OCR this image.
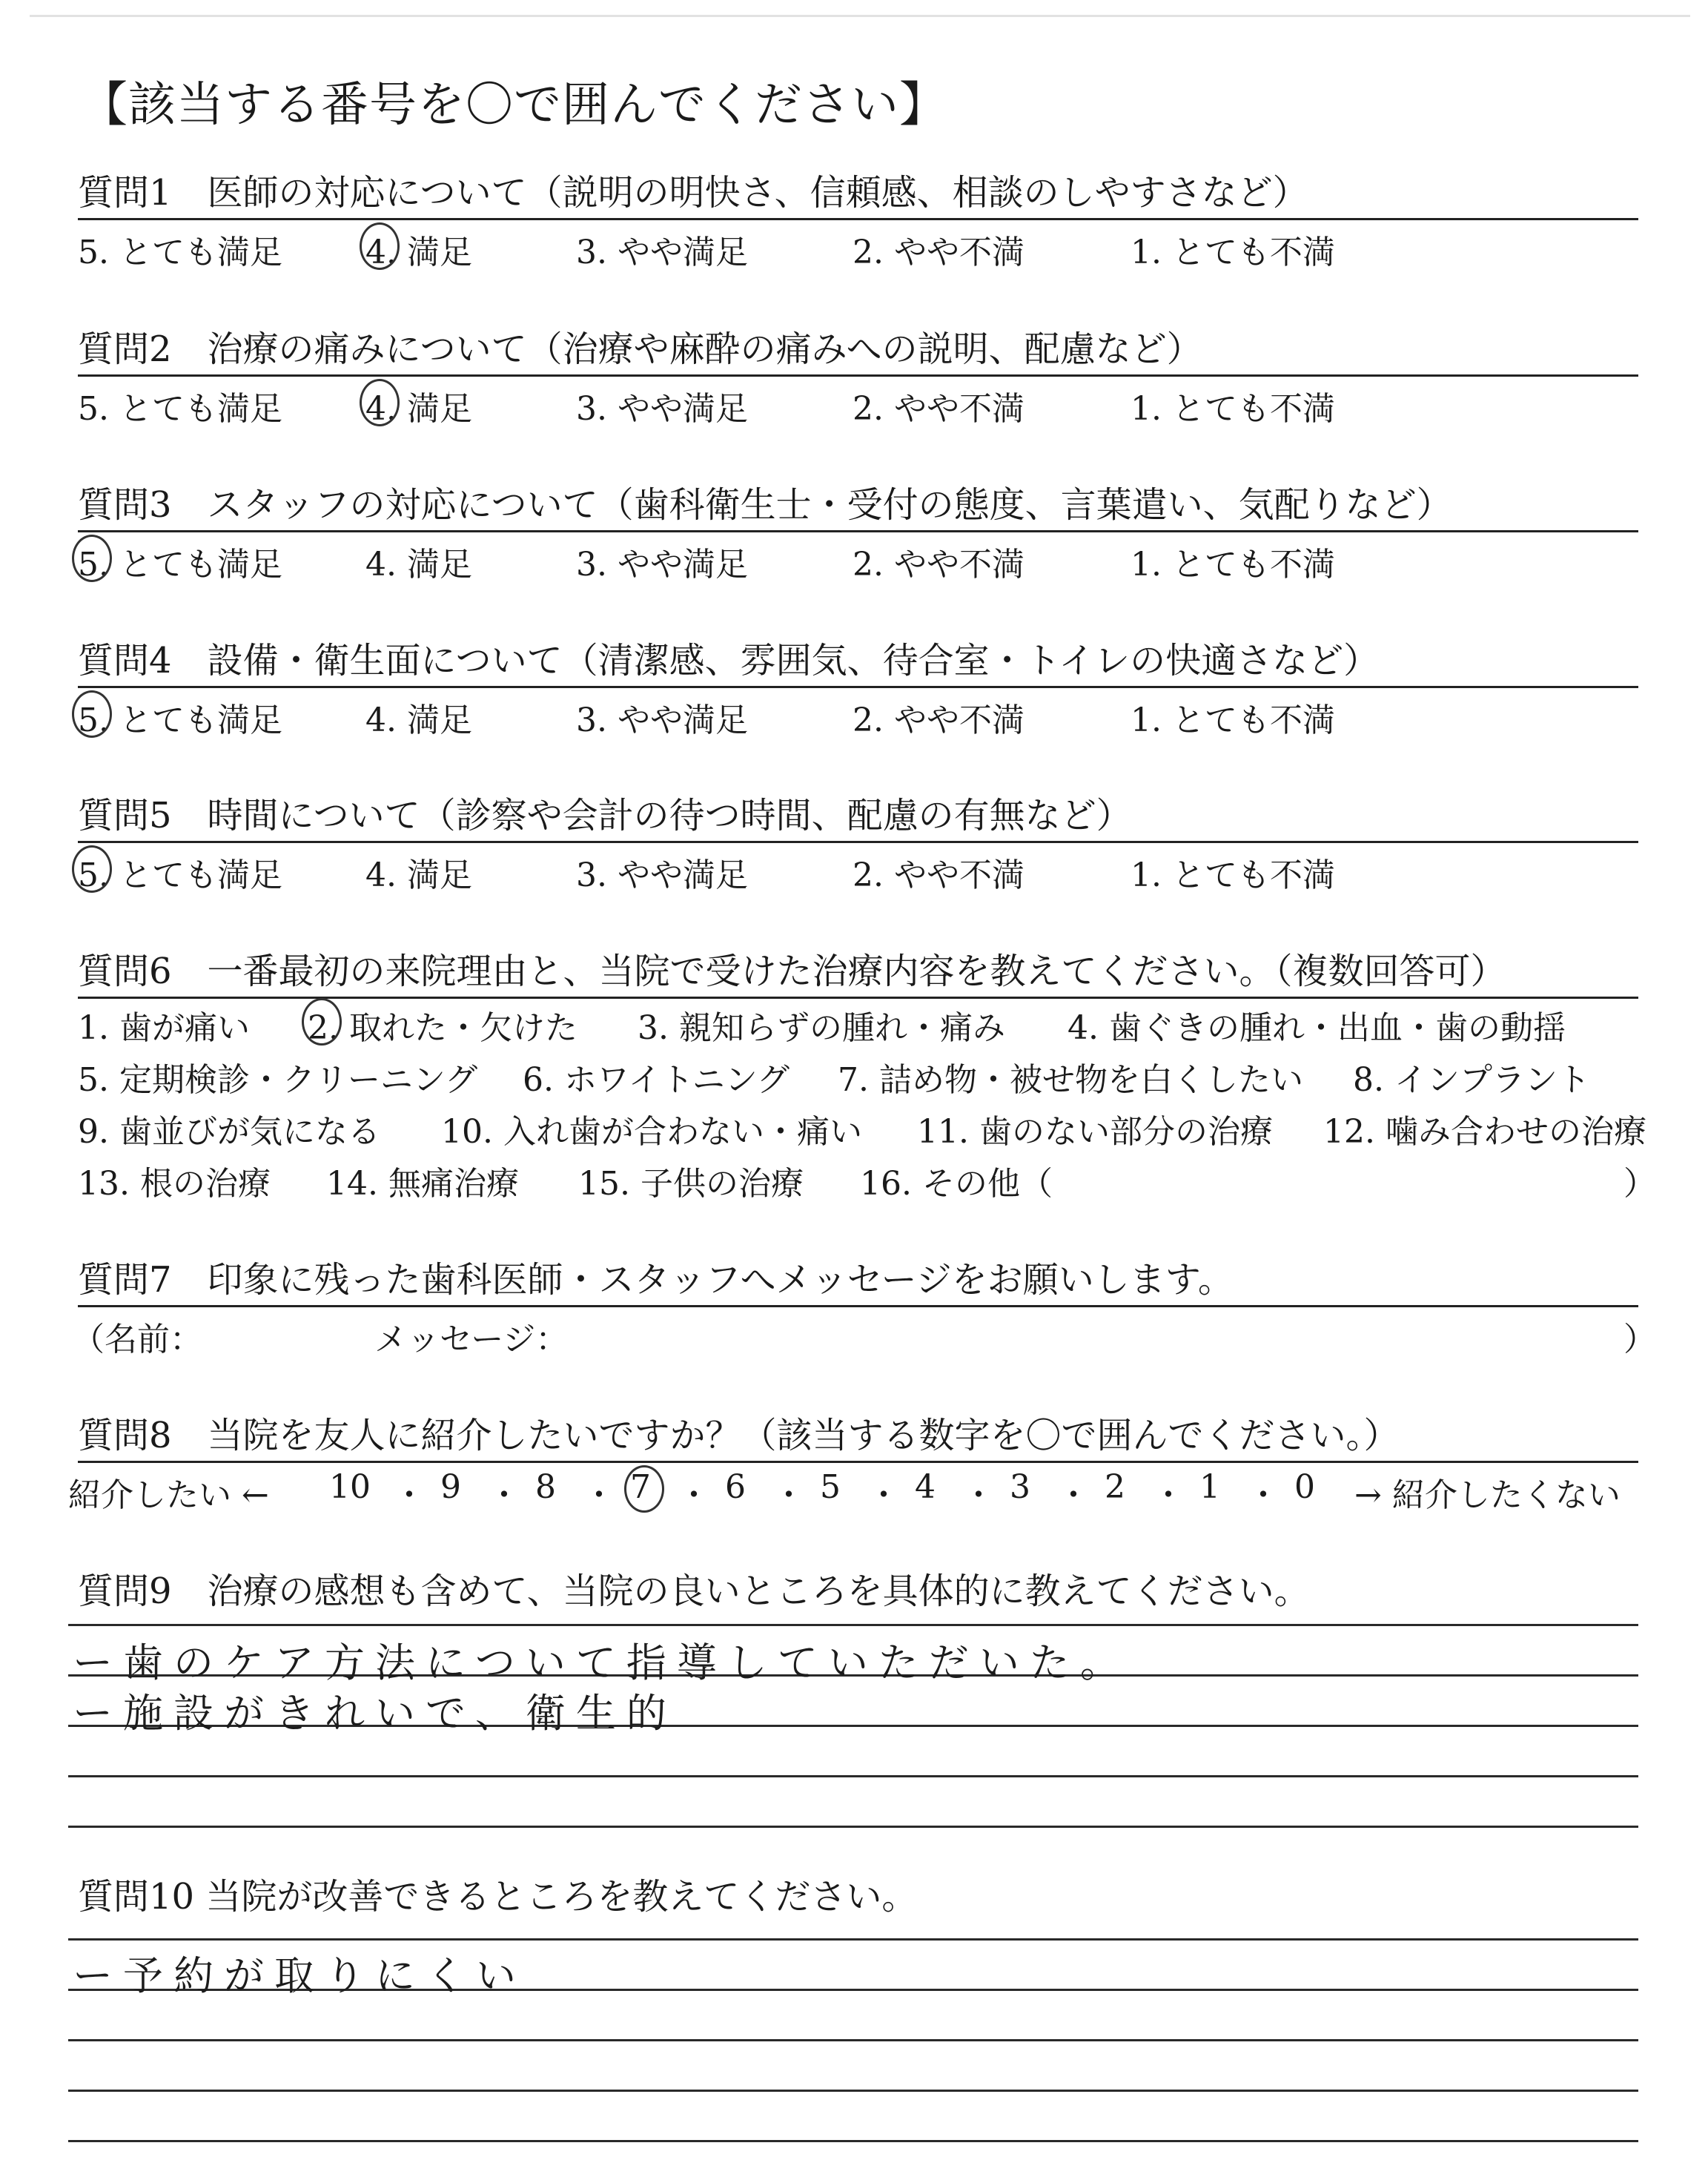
【該当する番号を〇で囲んでください】
質問1　医師の対応について（説明の明快さ、信頼感、相談のしやすさなど）
5. とても満足	4. 満足	3. やや満足	2. やや不満	1. とても不満
質問2　治療の痛みについて（治療や麻酔の痛みへの説明、配慮など）
5. とても満足	4. 満足	3. やや満足	2. やや不満	1. とても不満
質問3　スタッフの対応について（歯科衛生士・受付の態度、言葉遣い、気配りなど）
5. とても満足	4. 満足	3. やや満足	2. やや不満	1. とても不満
質問4　設備・衛生面について（清潔感、雰囲気、待合室・トイレの快適さなど）
5. とても満足	4. 満足	3. やや満足	2. やや不満	1. とても不満
質問5　時間について（診察や会計の待つ時間、配慮の有無など）
5. とても満足	4. 満足	3. やや満足	2. やや不満	1. とても不満
質問6　一番最初の来院理由と、当院で受けた治療内容を教えてください。（複数回答可）
1. 歯が痛い 2. 取れた・欠けた 3. 親知らずの腫れ・痛み 4. 歯ぐきの腫れ・出血・歯の動揺
5. 定期検診・クリーニング 6. ホワイトニング 7. 詰め物・被せ物を白くしたい 8. インプラント
9. 歯並びが気になる 10. 入れ歯が合わない・痛い 11. 歯のない部分の治療 12. 噛み合わせの治療
13. 根の治療 14. 無痛治療 15. 子供の治療 16. その他（	）
質問7　印象に残った歯科医師・スタッフへメッセージをお願いします。
（名前：	メッセージ：	）
質問8　当院を友人に紹介したいですか？（該当する数字を〇で囲んでください。）
紹介したい ← 10 ・ 9 ・ 8 ・ 7 ・ 6 ・ 5 ・ 4 ・ 3 ・ 2 ・ 1 ・ 0 → 紹介したくない
質問9　治療の感想も含めて、当院の良いところを具体的に教えてください。
ー歯のケア方法について指導していただいた。
ー施設がきれいで、衛生的
質問10 当院が改善できるところを教えてください。
ー予約が取りにくい
